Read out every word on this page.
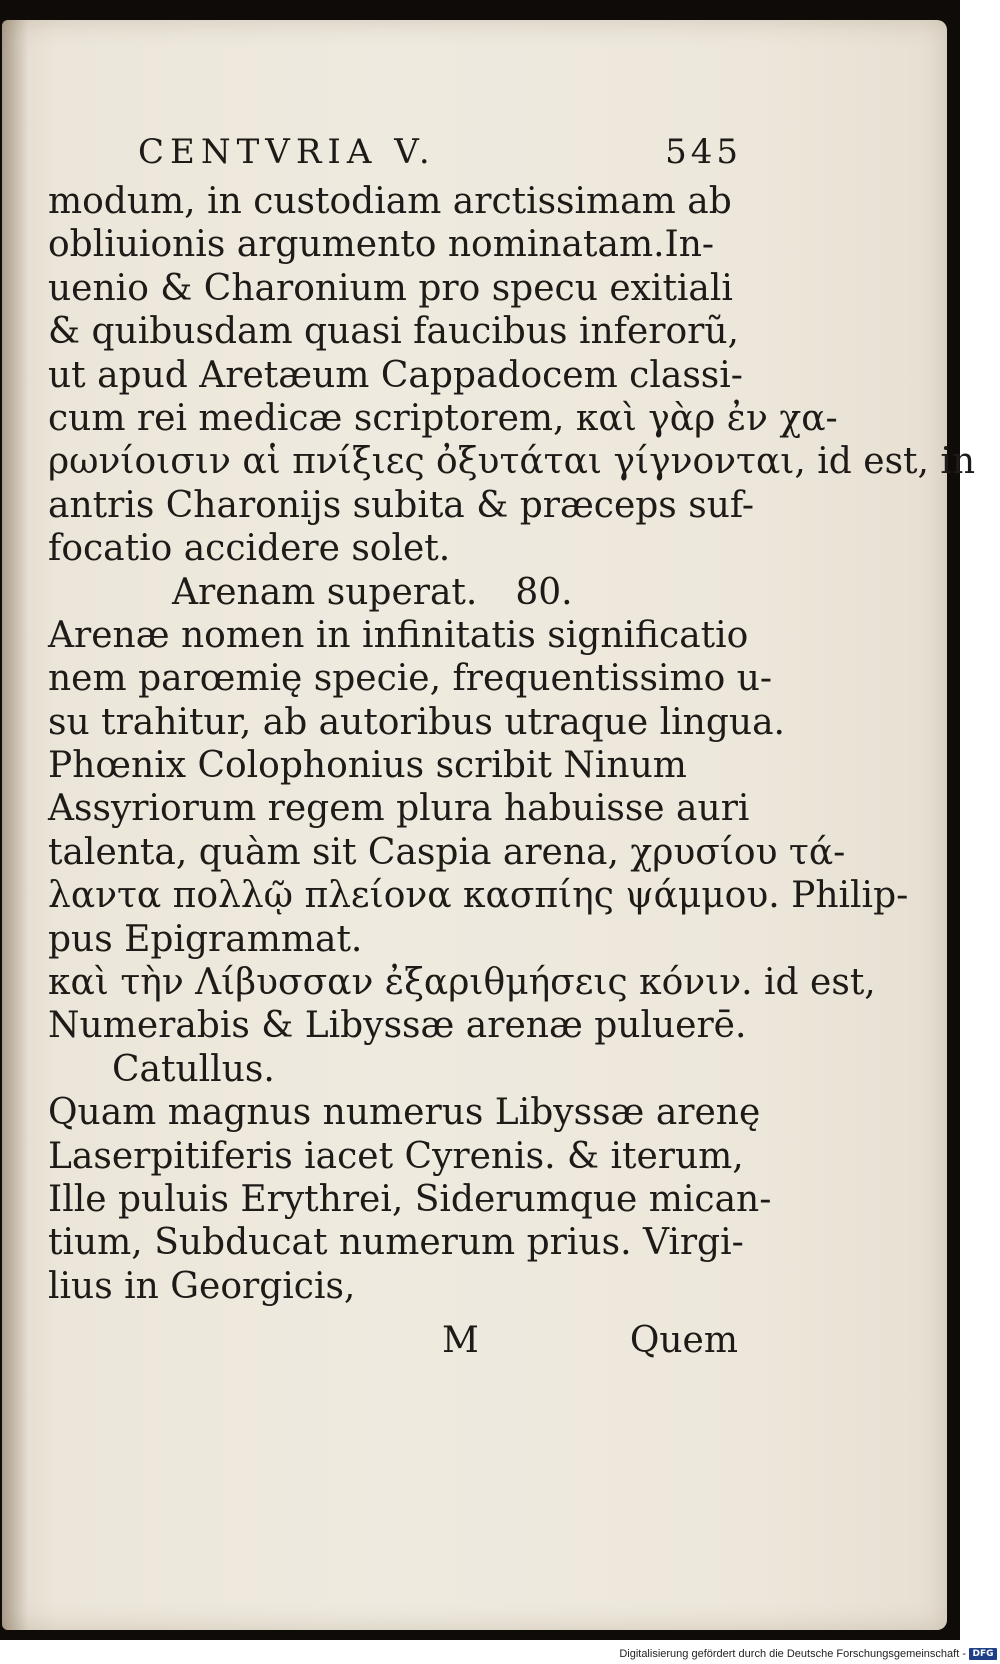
CENTVRIA V.	545
modum, in custodiam arctissimam ab
obliuionis argumento nominatam.In-
uenio & Charonium pro specu exitiali
& quibusdam quasi faucibus inferorũ,
ut apud Aretæum Cappadocem classi-
cum rei medicæ scriptorem, καὶ γὰρ ἐν χα-
ρωνίοισιν αἱ πνίξιες ὀξυτάται γίγνονται, id est, in
antris Charonijs subita & præceps suf-
focatio accidere solet.
Arenam superat. 80.
Arenæ nomen in infinitatis significatio
nem parœmię specie, frequentissimo u-
su trahitur, ab autoribus utraque lingua.
Phœnix Colophonius scribit Ninum
Assyriorum regem plura habuisse auri
talenta, quàm sit Caspia arena, χρυσίου τά-
λαντα πολλῷ πλείονα κασπίης ψάμμου. Philip-
pus Epigrammat.
καὶ τὴν Λίβυσσαν ἐξαριθμήσεις κόνιν. id est,
Numerabis & Libyssæ arenæ puluerē.
Catullus.
Quam magnus numerus Libyssæ arenę
Laserpitiferis iacet Cyrenis. & iterum,
Ille puluis Erythrei, Siderumque mican-
tium, Subducat numerum prius. Virgi-
lius in Georgicis,
M	Quem
Digitalisierung gefördert durch die Deutsche Forschungsgemeinschaft - DFG
